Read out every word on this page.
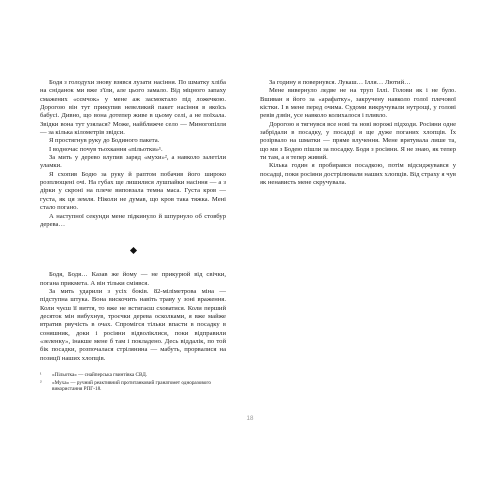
Бодя з голодухи знову взявся лузати насіння. По шматку хліба на сніданок ми вже з'їли, але цього замало. Від міцного запаху смажених «сємчок» у мене аж засмоктало під ложечкою. Дорогою він тут прикупив невеликий пакет насіння в якоїсь бабусі. Дивно, що вона дотепер живе в цьому селі, а не поїхала. Звідки вона тут узялася? Може, найближче село — Миногопілля — за кілька кілометрів звідси.

Я простягнув руку до Бодиного пакета.

І водночас почув тьохкання «пільотки»¹.

За мить у дерево влупив заряд «мухи»², а навколо залетіли уламки.

Я схопив Бодю за руку й раптом побачив його широко розплющені очі. На губах ще лишилися лушпайки насіння — а з дірки у скроні на плече виповзала темна маса. Густа кров — густа, як ця земля. Ніколи не думав, що кров така тяжка. Мені стало погано.

А наступної секунди мене підкинуло й шпурнуло об стовбур дерева…

Бодя, Бодя… Казав же йому — не прикурюй від свічки, погана прикмета. А він тільки сміявся.

За мить ударили з усіх боків. 82-міліметрова міна — підступна штука. Вона вискочить навіть траву у зоні враження. Коли чуєш її виття, то вже не встигаєш сховатися. Коли перший десяток мін вибухнув, троєчки дерева осколками, я вже майже втратив рвучість в очах. Спромігся тільки впасти в посадку в соняшник, доки і росіяни відволіклися, поки відправили «зеленку», інакше мене б там і покладено. Десь віддалік, по той бік посадки, розпочалася стрілянина — мабуть, прорвалися на позиції наших хлопців.

¹	«Пільотка» — снайперська гвинтівка СВД.
²	«Муха» — ручний реактивний протитанковий гранатомет одноразового використання РПГ-18.

За годину я повернувся. Лукаш… Ілля… Лютий…

Мене вивернуло ледве не на труп Іллі. Голови як і не було. Вшиван я його за «арафатку», закручену навколо голої плечової кістки. І в мене перед очима. Судоми викручували нутрощі, у голові ревів дзвін, усе навколо колихалося і пливло.

Дорогою я тягнувся все нові та нові ворожі підходи. Росіяни одне забрідали в посадку, у посадці я ще дуже поганих хлопців. Їх розірвало на шматки — пряме влучення. Мене врятувала лише та, що ми з Бодею пішли за посадку. Бодя з росіяни. Я не знаю, як тепер ти там, а я тепер живий.

Кілька годин я пробирався посадкою, потім відсиджувався у посадці, поки росіяни дострілювали наших хлопців. Від страху я чув як ненависть мене скручувала.

18
